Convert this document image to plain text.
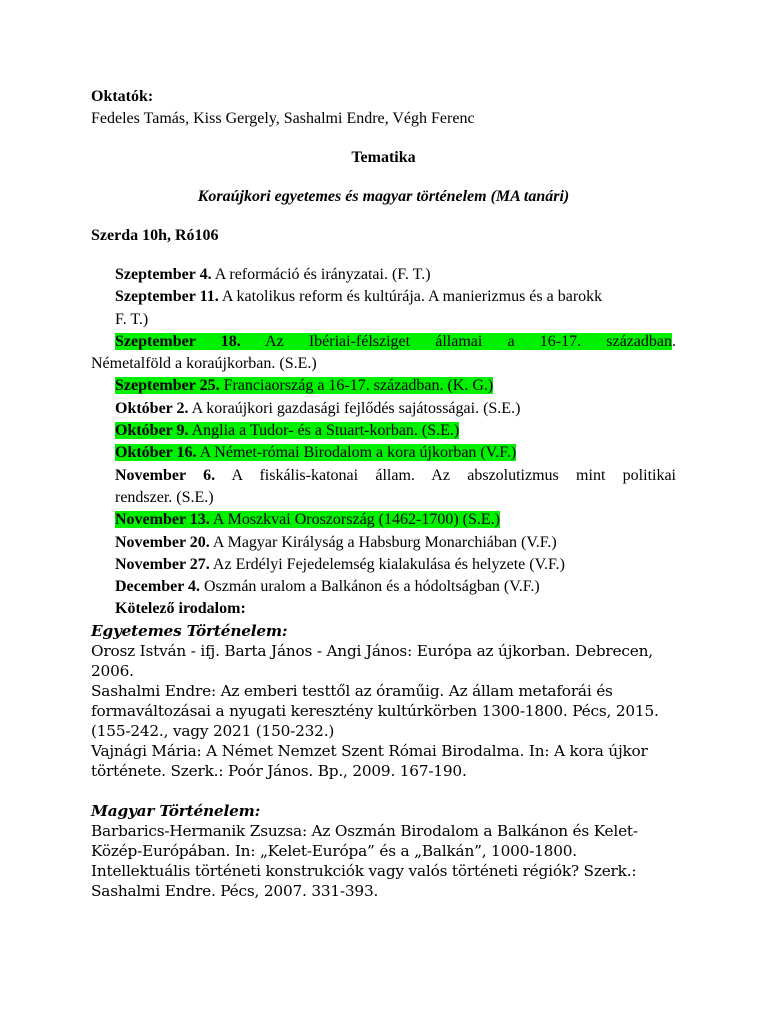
Oktatók:

Fedeles Tamás, Kiss Gergely, Sashalmi Endre, Végh Ferenc

Tematika

Koraújkori egyetemes és magyar történelem (MA tanári)

Szerda 10h, Ró106

Szeptember 4. A reformáció és irányzatai. (F. T.)
Szeptember 11. A katolikus reform és kultúrája. A manierizmus és a barokk
F. T.)
Szeptember 18. Az Ibériai-félsziget államai a 16-17. században.
Németalföld a koraújkorban. (S.E.)
Szeptember 25. Franciaország a 16-17. században. (K. G.)
Október 2. A koraújkori gazdasági fejlődés sajátosságai. (S.E.)
Október 9. Anglia a Tudor- és a Stuart-korban. (S.E.)
Október 16. A Német-római Birodalom a kora újkorban (V.F.)
November 6. A fiskális-katonai állam. Az abszolutizmus mint politikai
rendszer. (S.E.)
November 13. A Moszkvai Oroszország (1462-1700) (S.E.)
November 20. A Magyar Királyság a Habsburg Monarchiában (V.F.)
November 27. Az Erdélyi Fejedelemség kialakulása és helyzete (V.F.)
December 4. Oszmán uralom a Balkánon és a hódoltságban (V.F.)
Kötelező irodalom:

Egyetemes Történelem:

Orosz István - ifj. Barta János - Angi János: Európa az újkorban. Debrecen, 2006.

Sashalmi Endre: Az emberi testtől az óraműig. Az állam metaforái és formaváltozásai a nyugati keresztény kultúrkörben 1300-1800. Pécs, 2015. (155-242., vagy 2021 (150-232.)

Vajnági Mária: A Német Nemzet Szent Római Birodalma. In: A kora újkor története. Szerk.: Poór János. Bp., 2009. 167-190.

Magyar Történelem:

Barbarics-Hermanik Zsuzsa: Az Oszmán Birodalom a Balkánon és Kelet-Közép-Európában. In: „Kelet-Európa” és a „Balkán”, 1000-1800. Intellektuális történeti konstrukciók vagy valós történeti régiók? Szerk.: Sashalmi Endre. Pécs, 2007. 331-393.
